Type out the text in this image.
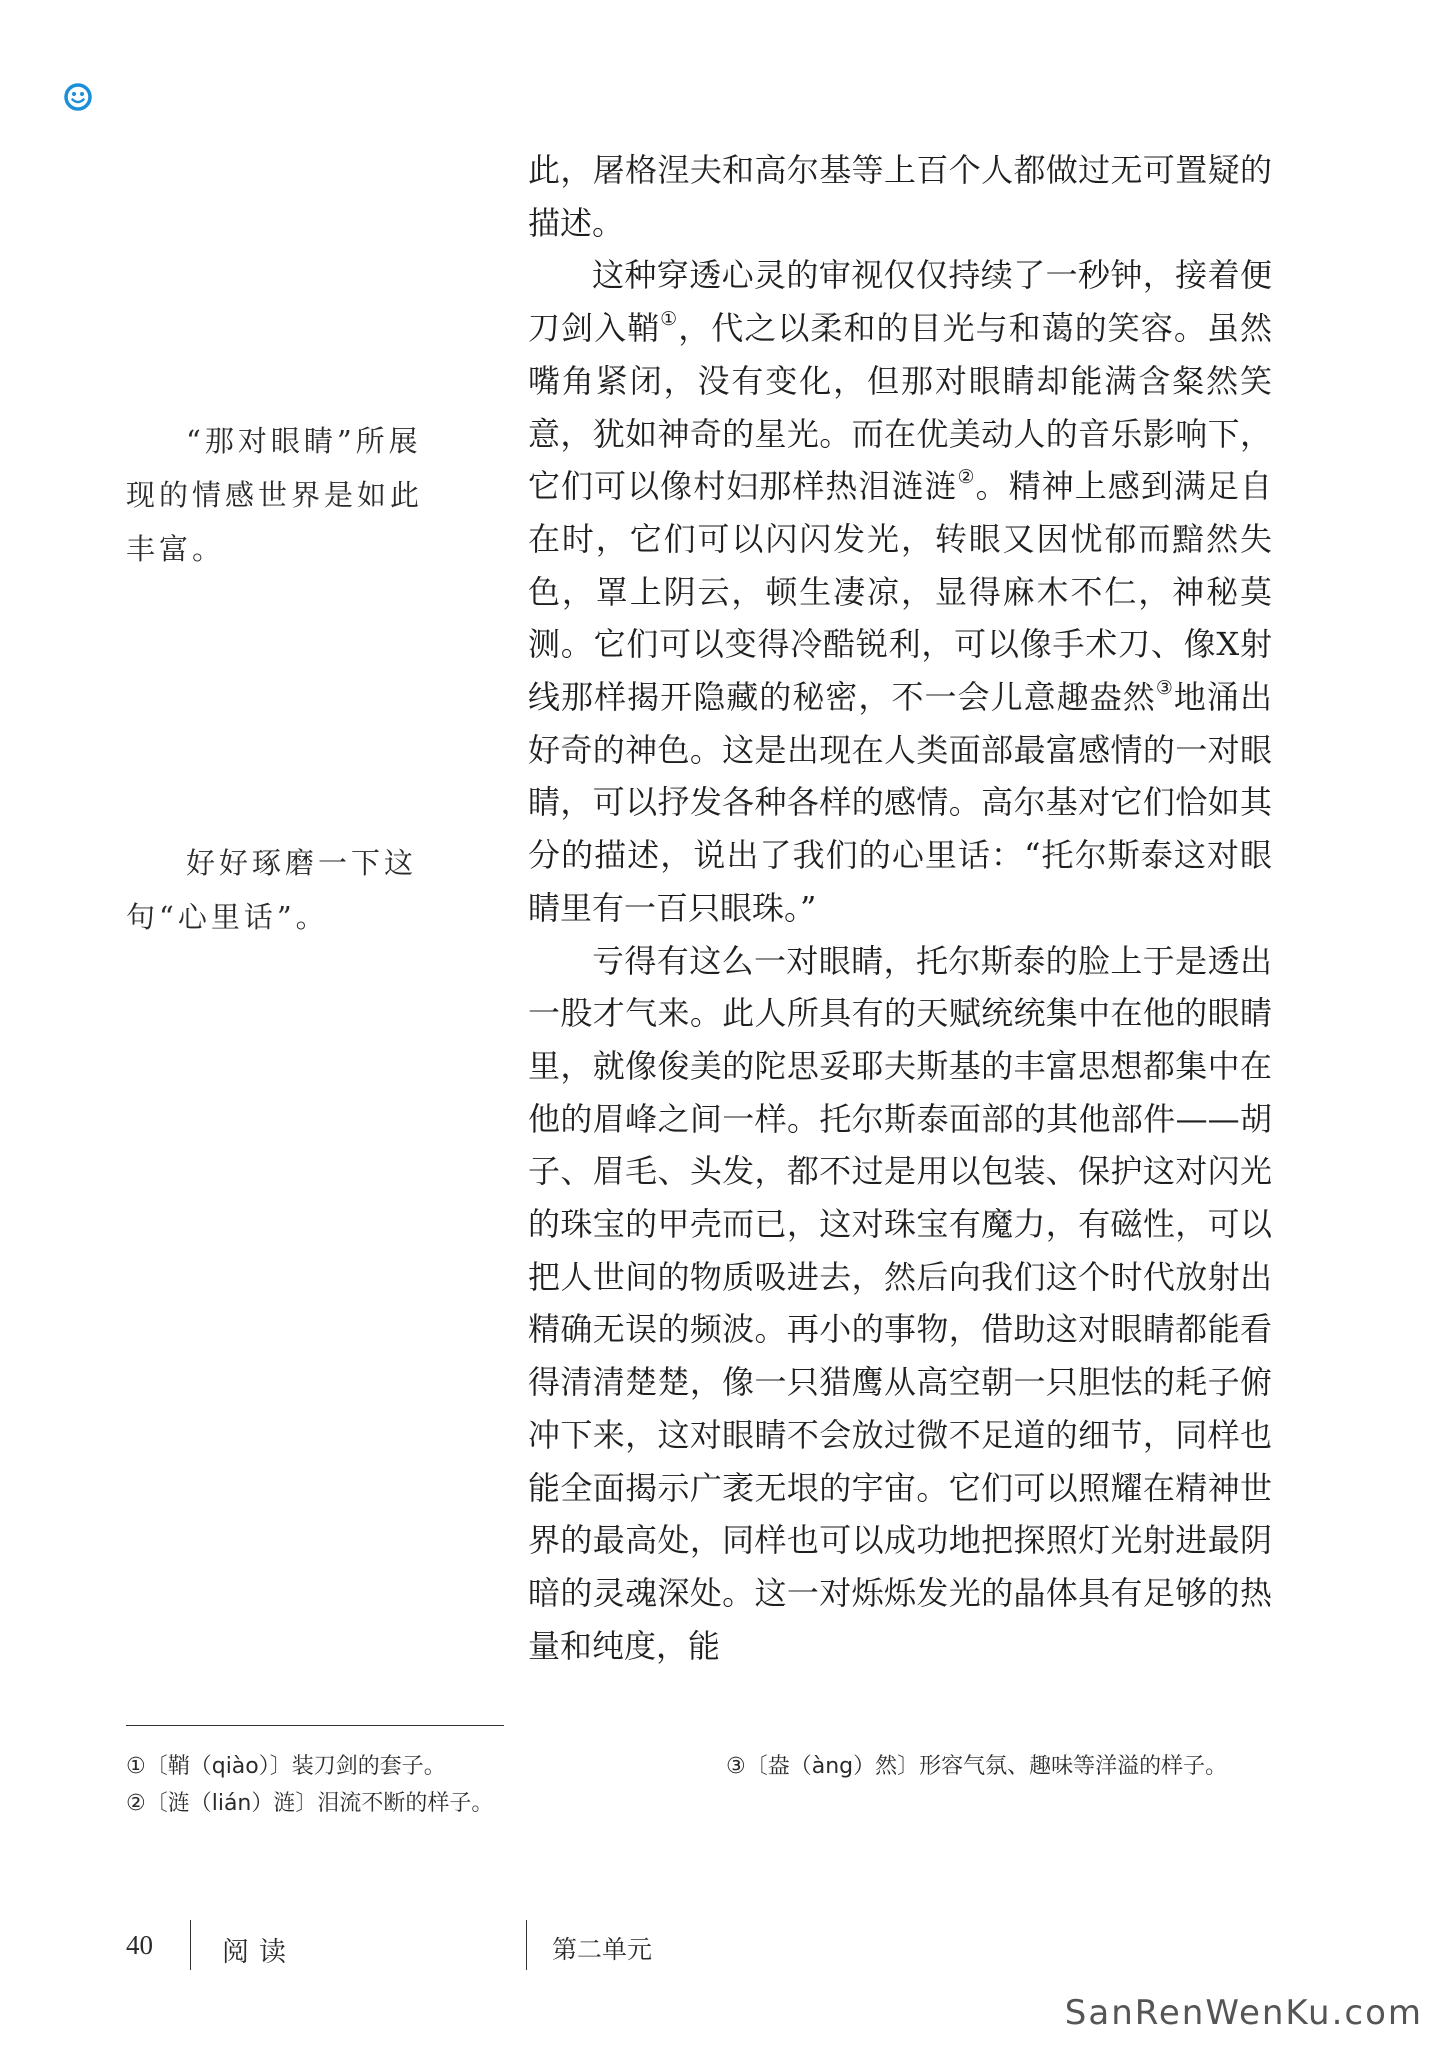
此，屠格涅夫和高尔基等上百个人都做过无可置疑的描述。

这种穿透心灵的审视仅仅持续了一秒钟，接着便刀剑入鞘①，代之以柔和的目光与和蔼的笑容。虽然嘴角紧闭，没有变化，但那对眼睛却能满含粲然笑意，犹如神奇的星光。而在优美动人的音乐影响下，它们可以像村妇那样热泪涟涟②。精神上感到满足自在时，它们可以闪闪发光，转眼又因忧郁而黯然失色，罩上阴云，顿生凄凉，显得麻木不仁，神秘莫测。它们可以变得冷酷锐利，可以像手术刀、像X射线那样揭开隐藏的秘密，不一会儿意趣盎然③地涌出好奇的神色。这是出现在人类面部最富感情的一对眼睛，可以抒发各种各样的感情。高尔基对它们恰如其分的描述，说出了我们的心里话：“托尔斯泰这对眼睛里有一百只眼珠。”

亏得有这么一对眼睛，托尔斯泰的脸上于是透出一股才气来。此人所具有的天赋统统集中在他的眼睛里，就像俊美的陀思妥耶夫斯基的丰富思想都集中在他的眉峰之间一样。托尔斯泰面部的其他部件——胡子、眉毛、头发，都不过是用以包装、保护这对闪光的珠宝的甲壳而已，这对珠宝有魔力，有磁性，可以把人世间的物质吸进去，然后向我们这个时代放射出精确无误的频波。再小的事物，借助这对眼睛都能看得清清楚楚，像一只猎鹰从高空朝一只胆怯的耗子俯冲下来，这对眼睛不会放过微不足道的细节，同样也能全面揭示广袤无垠的宇宙。它们可以照耀在精神世界的最高处，同样也可以成功地把探照灯光射进最阴暗的灵魂深处。这一对烁烁发光的晶体具有足够的热量和纯度，能

“那对眼睛”所展现的情感世界是如此丰富。

好好琢磨一下这句“心里话”。

①〔鞘（qiào）〕装刀剑的套子。
②〔涟（lián）涟〕泪流不断的样子。
③〔盎（àng）然〕形容气氛、趣味等洋溢的样子。
40	阅读	第二单元
SanRenWenKu.com
